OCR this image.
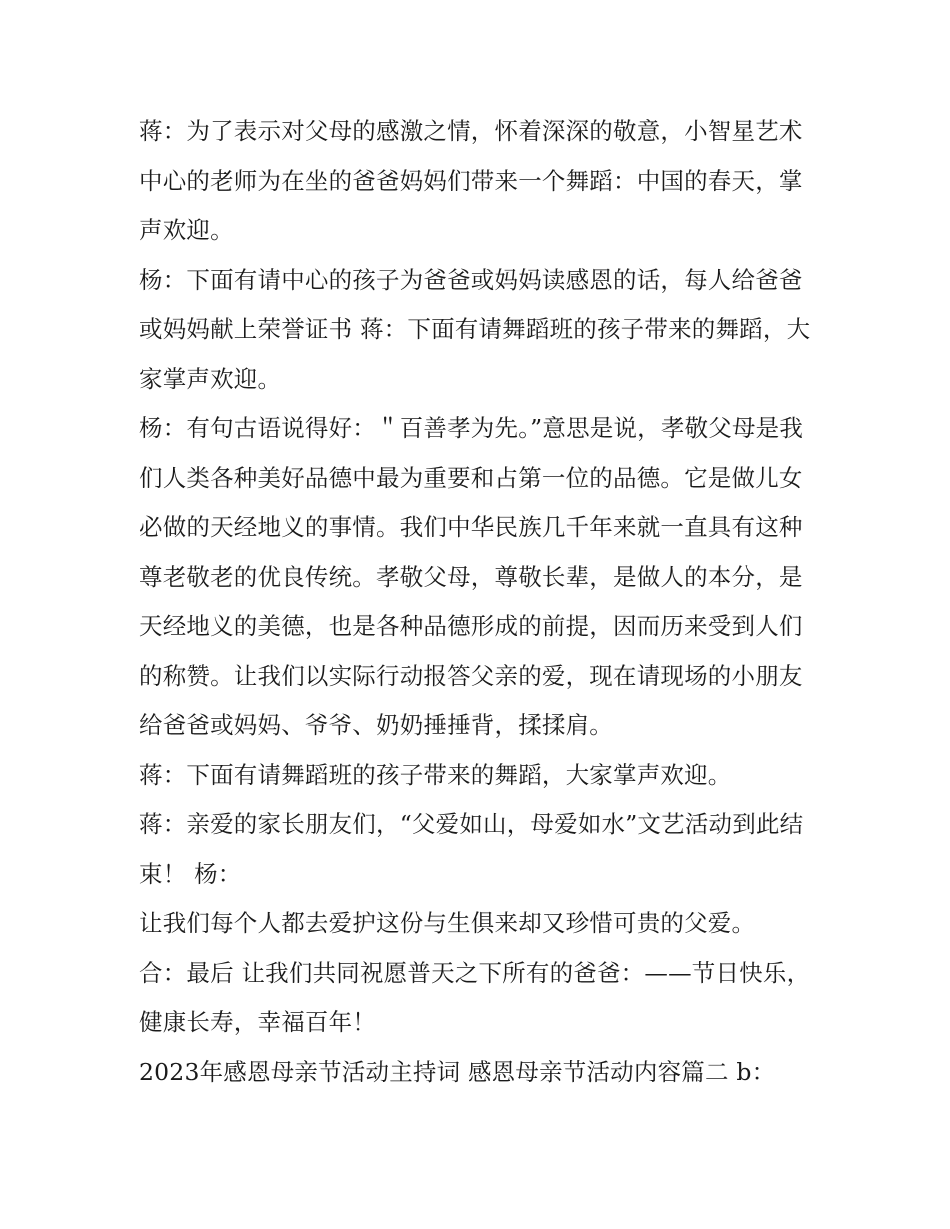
蒋：为了表示对父母的感激之情，怀着深深的敬意，小智星艺术中心的老师为在坐的爸爸妈妈们带来一个舞蹈：中国的春天，掌声欢迎。

杨：下面有请中心的孩子为爸爸或妈妈读感恩的话，每人给爸爸或妈妈献上荣誉证书 蒋：下面有请舞蹈班的孩子带来的舞蹈，大家掌声欢迎。

杨：有句古语说得好：＂百善孝为先。”意思是说，孝敬父母是我们人类各种美好品德中最为重要和占第一位的品德。它是做儿女必做的天经地义的事情。我们中华民族几千年来就一直具有这种尊老敬老的优良传统。孝敬父母，尊敬长辈，是做人的本分，是天经地义的美德，也是各种品德形成的前提，因而历来受到人们的称赞。让我们以实际行动报答父亲的爱，现在请现场的小朋友给爸爸或妈妈、爷爷、奶奶捶捶背，揉揉肩。

蒋：下面有请舞蹈班的孩子带来的舞蹈，大家掌声欢迎。

蒋：亲爱的家长朋友们，“父爱如山，母爱如水”文艺活动到此结束！ 杨：

让我们每个人都去爱护这份与生俱来却又珍惜可贵的父爱。

合：最后 让我们共同祝愿普天之下所有的爸爸：——节日快乐，健康长寿，幸福百年！

2023年感恩母亲节活动主持词 感恩母亲节活动内容篇二 b：
